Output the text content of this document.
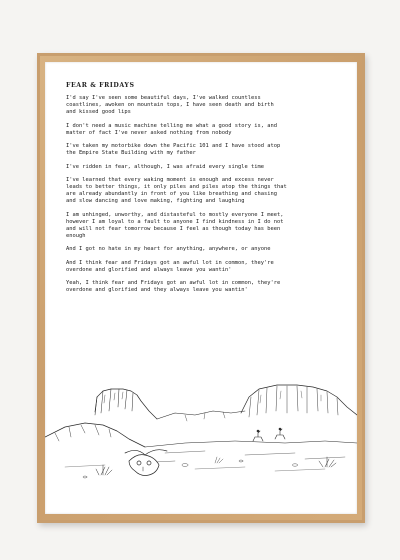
FEAR & FRIDAYS
I'd say I've seen some beautiful days, I've walked countless
coastlines, awoken on mountain tops, I have seen death and birth
and kissed good lips
I don't need a music machine telling me what a good story is, and
matter of fact I've never asked nothing from nobody
I've taken my motorbike down the Pacific 101 and I have stood atop
the Empire State Building with my father
I've ridden in fear, although, I was afraid every single time
I've learned that every waking moment is enough and excess never
leads to better things, it only piles and piles atop the things that
are already abundantly in front of you like breathing and chasing
and slow dancing and love making, fighting and laughing
I am unhinged, unworthy, and distasteful to mostly everyone I meet,
however I am loyal to a fault to anyone I find kindness in I do not
and will not fear tomorrow because I feel as though today has been
enough
And I got no hate in my heart for anything, anywhere, or anyone
And I think fear and Fridays got an awful lot in common, they're
overdone and glorified and always leave you wantin'
Yeah, I think fear and Fridays got an awful lot in common, they're
overdone and glorified and they always leave you wantin'
